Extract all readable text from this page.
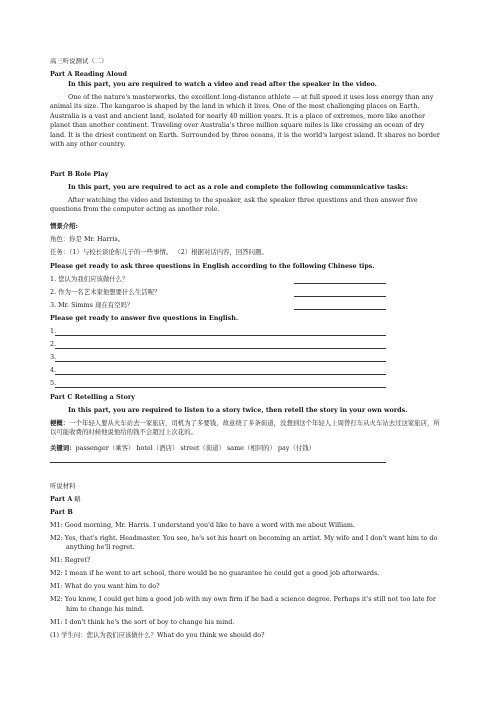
高三听说测试（二）
Part A Reading Aloud
In this part, you are required to watch a video and read after the speaker in the video.
One of the nature's masterworks, the excellent long-distance athlete — at full speed it uses less energy than any animal its size. The kangaroo is shaped by the land in which it lives. One of the most challenging places on Earth. Australia is a vast and ancient land, isolated for nearly 40 million years. It is a place of extremes, more like another planet than another continent. Traveling over Australia's three million square miles is like crossing an ocean of dry land. It is the driest continent on Earth. Surrounded by three oceans, it is the world's largest island. It shares no border with any other country.
Part B Role Play
In this part, you are required to act as a role and complete the following communicative tasks:
After watching the video and listening to the speaker, ask the speaker three questions and then answer five questions from the computer acting as another role.
情景介绍:
角色：你是 Mr. Harris。
任务：（1）与校长谈论你儿子的一些事情。 （2）根据对话内容，回答问题。
Please get ready to ask three questions in English according to the following Chinese tips.
1. 您认为我们应该做什么？
2. 作为一名艺术家他想要什么生活呢？
3. Mr. Simms 现在有空吗？
Please get ready to answer five questions in English.
1.
2.
3.
4.
5.
Part C Retelling a Story
In this part, you are required to listen to a story twice, then retell the story in your own words.
梗概：一个年轻人要从火车站去一家旅店，司机为了多要钱，故意绕了多条街道，没想到这个年轻人上周曾打车从火车站去过这家旅店，所以可能收费的时候他说他给的钱不会超过上次花的。
关键词：passenger（乘客） hotel（酒店） street（街道） same（相同的） pay（付钱）
听说材料
Part A 略
Part B
M1: Good morning, Mr. Harris. I understand you'd like to have a word with me about William.
M2: Yes, that's right. Headmaster. You see, he's set his heart on becoming an artist. My wife and I don't want him to do anything he'll regret.
M1: Regret?
M2: I mean if he went to art school, there would be no guarantee he could get a good job afterwards.
M1: What do you want him to do?
M2: You know, I could get him a good job with my own firm if he had a science degree. Perhaps it's still not too late for him to change his mind.
M1: I don't think he's the sort of boy to change his mind.
(1) 学生问：您认为我们应该做什么？What do you think we should do?
